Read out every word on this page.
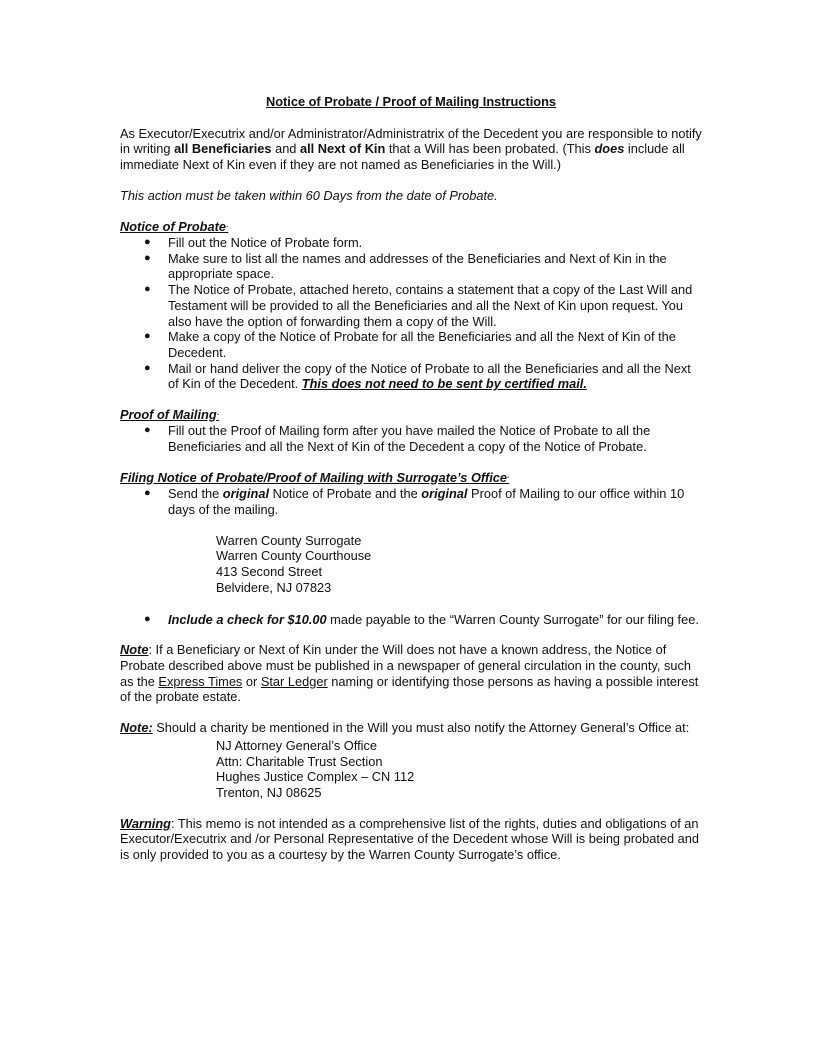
Notice of Probate / Proof of Mailing Instructions

As Executor/Executrix and/or Administrator/Administratrix of the Decedent you are responsible to notify in writing all Beneficiaries and all Next of Kin that a Will has been probated. (This does include all immediate Next of Kin even if they are not named as Beneficiaries in the Will.)

This action must be taken within 60 Days from the date of Probate.

Notice of Probate·
● Fill out the Notice of Probate form.
● Make sure to list all the names and addresses of the Beneficiaries and Next of Kin in the appropriate space.
● The Notice of Probate, attached hereto, contains a statement that a copy of the Last Will and Testament will be provided to all the Beneficiaries and all the Next of Kin upon request. You also have the option of forwarding them a copy of the Will.
● Make a copy of the Notice of Probate for all the Beneficiaries and all the Next of Kin of the Decedent.
● Mail or hand deliver the copy of the Notice of Probate to all the Beneficiaries and all the Next of Kin of the Decedent. This does not need to be sent by certified mail.
Proof of Mailing·
● Fill out the Proof of Mailing form after you have mailed the Notice of Probate to all the Beneficiaries and all the Next of Kin of the Decedent a copy of the Notice of Probate.
Filing Notice of Probate/Proof of Mailing with Surrogate’s Office·
● Send the original Notice of Probate and the original Proof of Mailing to our office within 10 days of the mailing.

Warren County Surrogate

Warren County Courthouse

413 Second Street

Belvidere, NJ 07823

● Include a check for $10.00 made payable to the “Warren County Surrogate” for our filing fee.

Note: If a Beneficiary or Next of Kin under the Will does not have a known address, the Notice of Probate described above must be published in a newspaper of general circulation in the county, such as the Express Times or Star Ledger naming or identifying those persons as having a possible interest of the probate estate.

Note: Should a charity be mentioned in the Will you must also notify the Attorney General’s Office at:

NJ Attorney General’s Office

Attn: Charitable Trust Section

Hughes Justice Complex – CN 112

Trenton, NJ 08625

Warning: This memo is not intended as a comprehensive list of the rights, duties and obligations of an Executor/Executrix and /or Personal Representative of the Decedent whose Will is being probated and is only provided to you as a courtesy by the Warren County Surrogate’s office.
